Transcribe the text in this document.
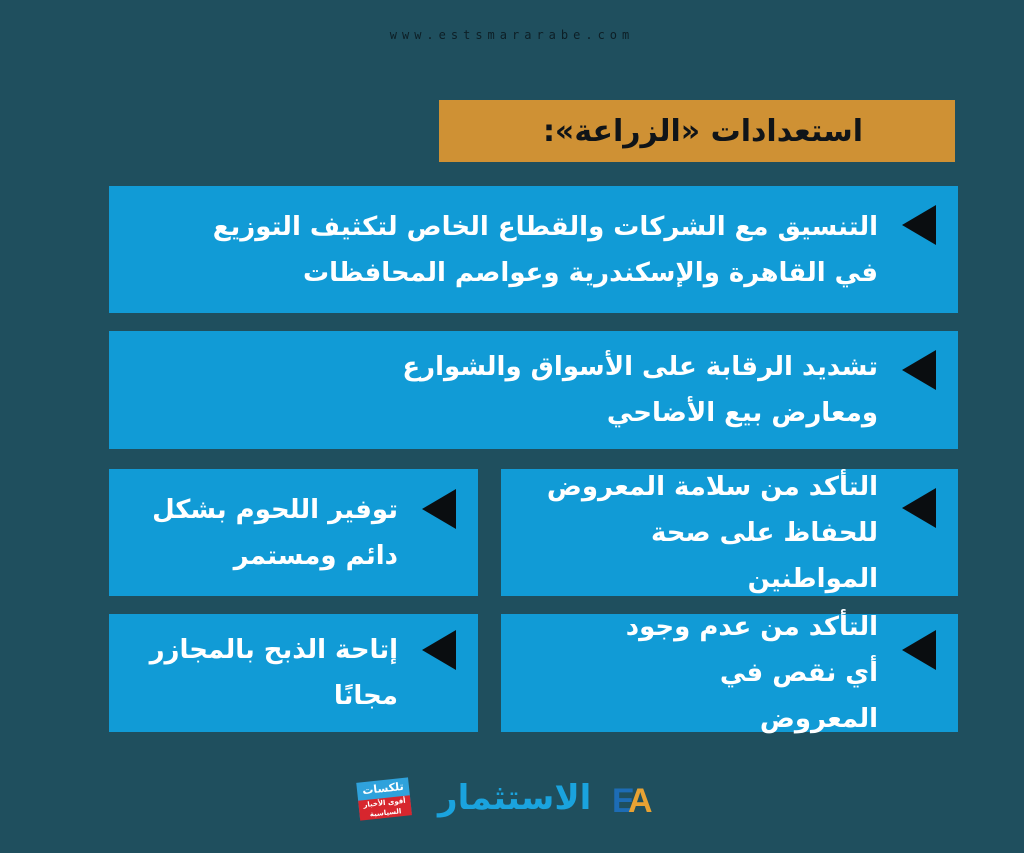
www.estsmararabe.com
استعدادات «الزراعة»:
التنسيق مع الشركات والقطاع الخاص لتكثيف التوزيع في القاهرة والإسكندرية وعواصم المحافظات
تشديد الرقابة على الأسواق والشوارع ومعارض بيع الأضاحي
التأكد من سلامة المعروض للحفاظ على صحة المواطنين
توفير اللحوم بشكل دائم ومستمر
التأكد من عدم وجود أي نقص في المعروض
إتاحة الذبح بالمجازر مجانًا
تلكسات
أقوى الأخبار السياسية	الاستثمار E
A
